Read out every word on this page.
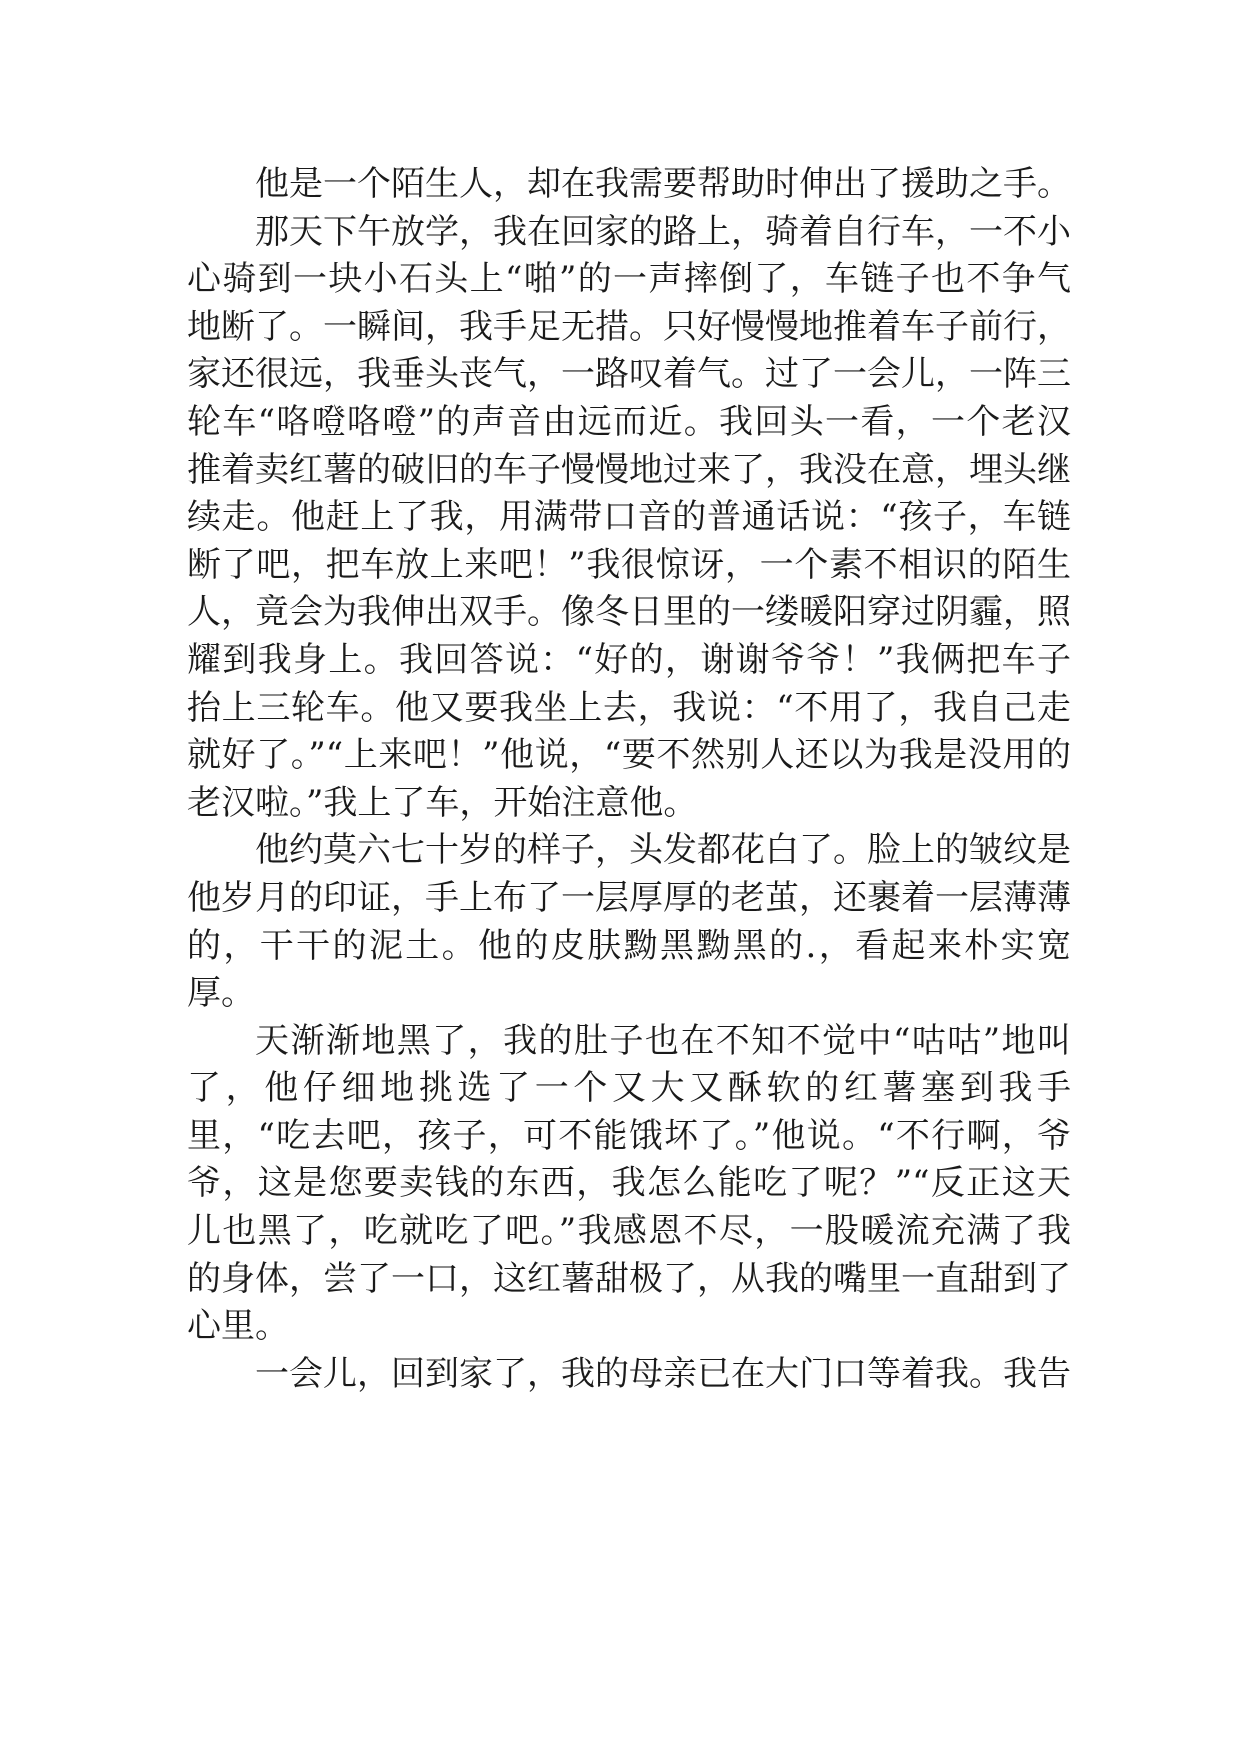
他是一个陌生人，却在我需要帮助时伸出了援助之手。

那天下午放学，我在回家的路上，骑着自行车，一不小心骑到一块小石头上“啪”的一声摔倒了，车链子也不争气地断了。一瞬间，我手足无措。只好慢慢地推着车子前行，家还很远，我垂头丧气，一路叹着气。过了一会儿，一阵三轮车“咯噔咯噔”的声音由远而近。我回头一看，一个老汉推着卖红薯的破旧的车子慢慢地过来了，我没在意，埋头继续走。他赶上了我，用满带口音的普通话说：“孩子，车链断了吧，把车放上来吧！”我很惊讶，一个素不相识的陌生人，竟会为我伸出双手。像冬日里的一缕暖阳穿过阴霾，照耀到我身上。我回答说：“好的，谢谢爷爷！”我俩把车子抬上三轮车。他又要我坐上去，我说：“不用了，我自己走就好了。”“上来吧！”他说，“要不然别人还以为我是没用的老汉啦。”我上了车，开始注意他。

他约莫六七十岁的样子，头发都花白了。脸上的皱纹是他岁月的印证，手上布了一层厚厚的老茧，还裹着一层薄薄的，干干的泥土。他的皮肤黝黑黝黑的.，看起来朴实宽厚。

天渐渐地黑了，我的肚子也在不知不觉中“咕咕”地叫了，他仔细地挑选了一个又大又酥软的红薯塞到我手里，“吃去吧，孩子，可不能饿坏了。”他说。“不行啊，爷爷，这是您要卖钱的东西，我怎么能吃了呢？”“反正这天儿也黑了，吃就吃了吧。”我感恩不尽，一股暖流充满了我的身体，尝了一口，这红薯甜极了，从我的嘴里一直甜到了心里。

一会儿，回到家了，我的母亲已在大门口等着我。我告
